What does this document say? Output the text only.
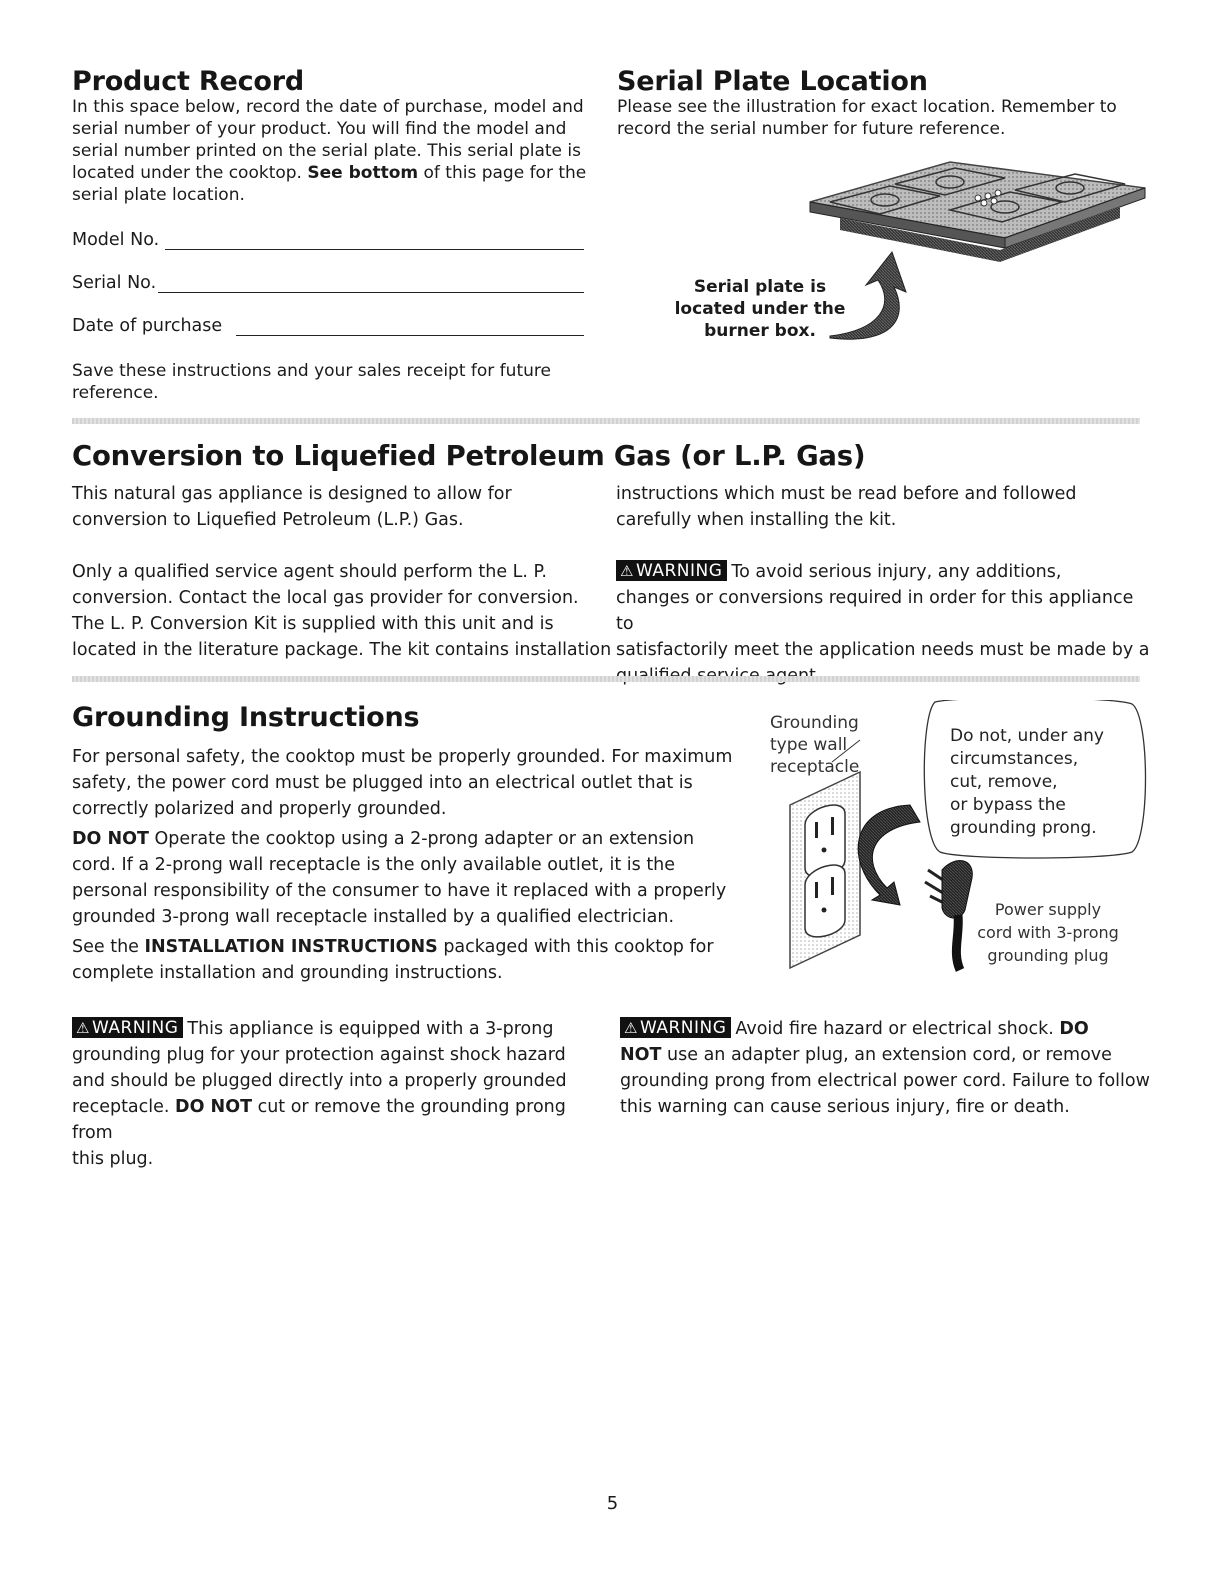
Product Record

In this space below, record the date of purchase, model and

serial number of your product. You will find the model and

serial number printed on the serial plate. This serial plate is

located under the cooktop. See bottom of this page for the

serial plate location.

Model No.
Serial No.
Date of purchase

Save these instructions and your sales receipt for future

reference.

Serial Plate Location

Please see the illustration for exact location. Remember to

record the serial number for future reference.

Serial plate is

located under the

burner box.

Conversion to Liquefied Petroleum Gas (or L.P. Gas)

This natural gas appliance is designed to allow for

conversion to Liquefied Petroleum (L.P.) Gas.

Only a qualified service agent should perform the L. P.

conversion. Contact the local gas provider for conversion.

The L. P. Conversion Kit is supplied with this unit and is

located in the literature package. The kit contains installation

instructions which must be read before and followed

carefully when installing the kit.

⚠ WARNING To avoid serious injury, any additions,

changes or conversions required in order for this appliance to

satisfactorily meet the application needs must be made by a

Grounding Instructions

For personal safety, the cooktop must be properly grounded. For maximum

safety, the power cord must be plugged into an electrical outlet that is

correctly polarized and properly grounded.

DO NOT Operate the cooktop using a 2-prong adapter or an extension

cord. If a 2-prong wall receptacle is the only available outlet, it is the

personal responsibility of the consumer to have it replaced with a properly

grounded 3-prong wall receptacle installed by a qualified electrician.

See the INSTALLATION INSTRUCTIONS packaged with this cooktop for

complete installation and grounding instructions.

Grounding

type wall

receptacle

Do not, under any

circumstances,

cut, remove,

or bypass the

grounding prong.

Power supply

cord with 3-prong

grounding plug

⚠ WARNING This appliance is equipped with a 3-prong

grounding plug for your protection against shock hazard

and should be plugged directly into a properly grounded

receptacle. DO NOT cut or remove the grounding prong from

this plug.

⚠ WARNING Avoid fire hazard or electrical shock. DO

NOT use an adapter plug, an extension cord, or remove

grounding prong from electrical power cord. Failure to follow

this warning can cause serious injury, fire or death.

5
